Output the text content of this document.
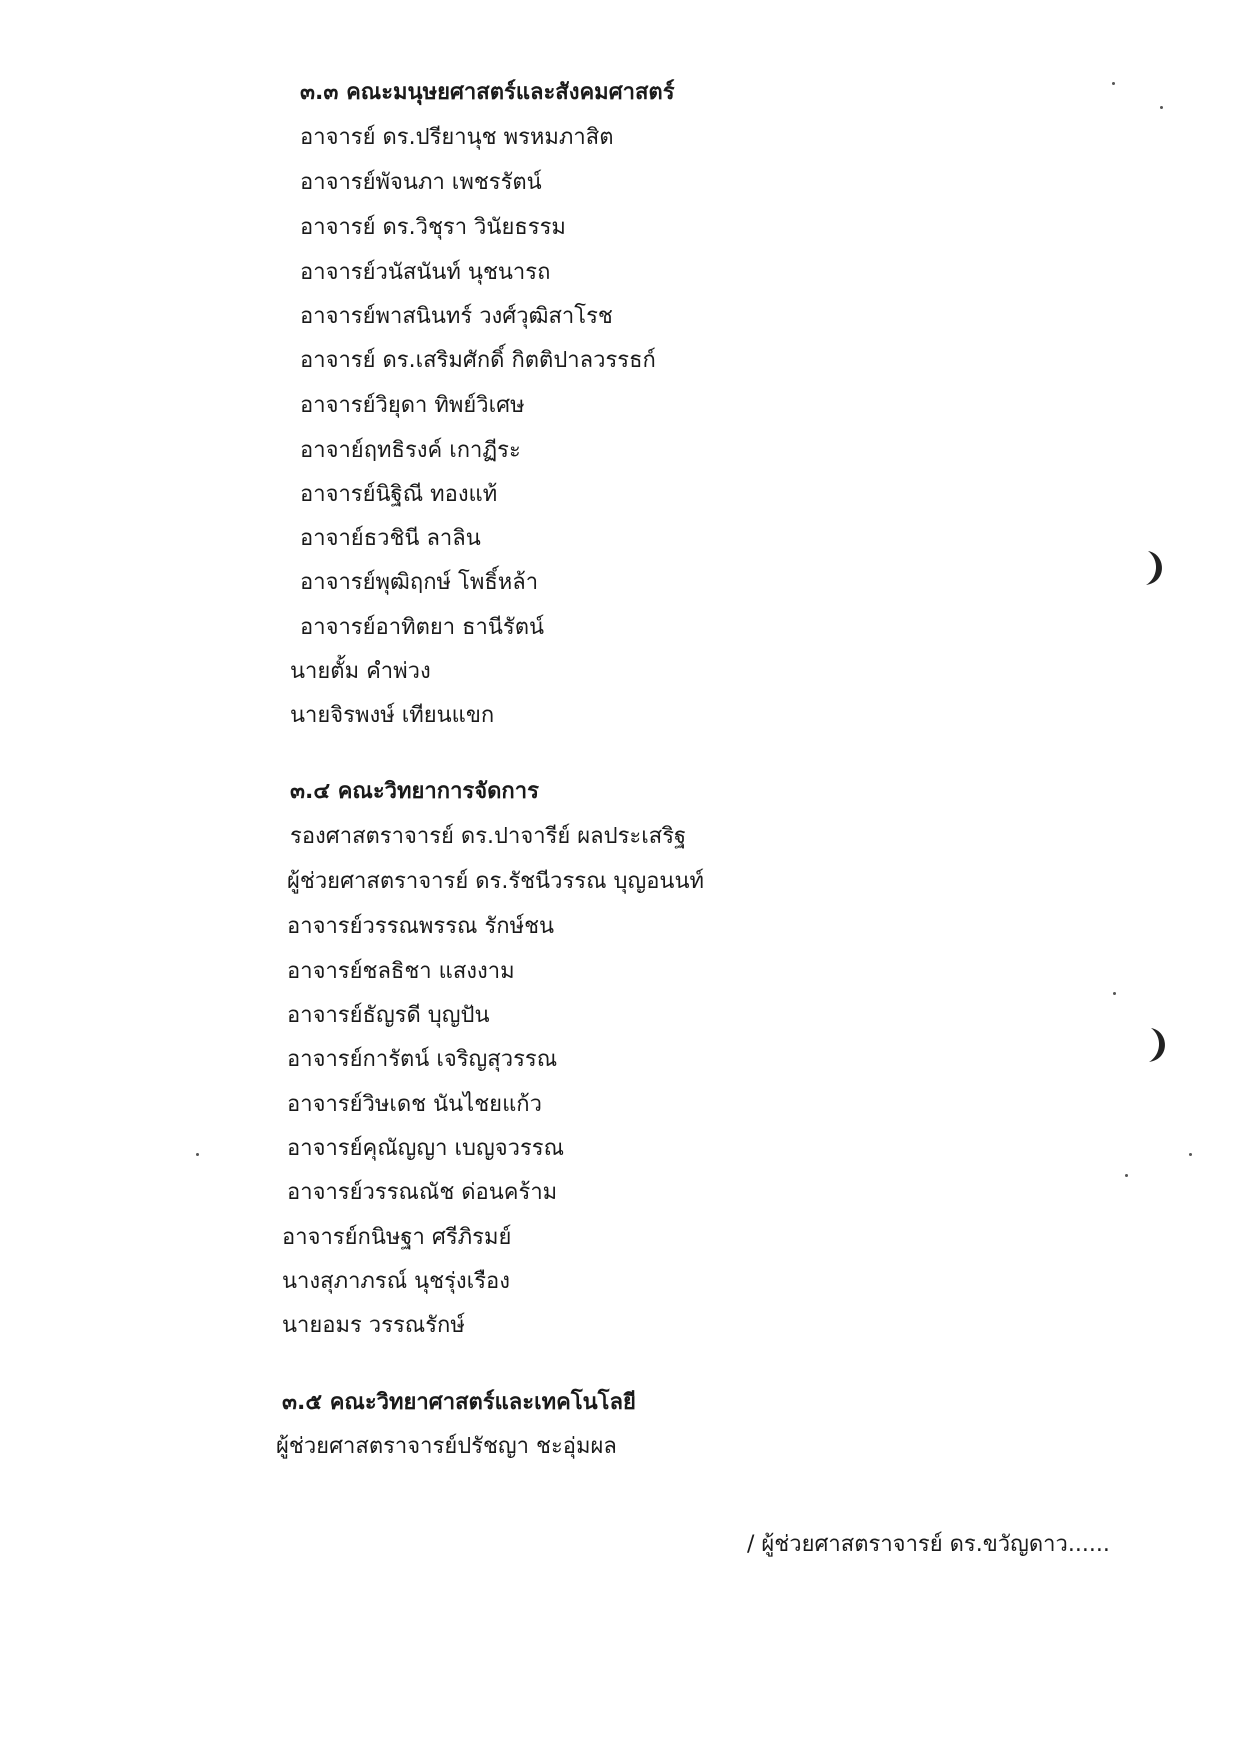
๓.๓ คณะมนุษยศาสตร์และสังคมศาสตร์
อาจารย์ ดร.ปรียานุช พรหมภาสิต
อาจารย์พัจนภา เพชรรัตน์
อาจารย์ ดร.วิชุรา วินัยธรรม
อาจารย์วนัสนันท์ นุชนารถ
อาจารย์พาสนินทร์ วงศ์วุฒิสาโรช
อาจารย์ ดร.เสริมศักดิ์ กิตติปาลวรรธก์
อาจารย์วิยุดา ทิพย์วิเศษ
อาจาย์ฤทธิรงค์ เกาฏีระ
อาจารย์นิฐิณี ทองแท้
อาจาย์ธวชินี ลาลิน
อาจารย์พุฒิฤกษ์ โพธิ์หล้า
อาจารย์อาทิตยา ธานีรัตน์
นายตั้ม คำพ่วง
นายจิรพงษ์ เทียนแขก
๓.๔ คณะวิทยาการจัดการ
รองศาสตราจารย์ ดร.ปาจารีย์ ผลประเสริฐ
ผู้ช่วยศาสตราจารย์ ดร.รัชนีวรรณ บุญอนนท์
อาจารย์วรรณพรรณ รักษ์ชน
อาจารย์ชลธิชา แสงงาม
อาจารย์ธัญรดี บุญปัน
อาจารย์การัตน์ เจริญสุวรรณ
อาจารย์วิษเดช นันไชยแก้ว
อาจารย์คุณัญญา เบญจวรรณ
อาจารย์วรรณณัช ด่อนคร้าม
อาจารย์กนิษฐา ศรีภิรมย์
นางสุภาภรณ์ นุชรุ่งเรือง
นายอมร วรรณรักษ์
๓.๕ คณะวิทยาศาสตร์และเทคโนโลยี
ผู้ช่วยศาสตราจารย์ปรัชญา ชะอุ่มผล
/ ผู้ช่วยศาสตราจารย์ ดร.ขวัญดาว......
